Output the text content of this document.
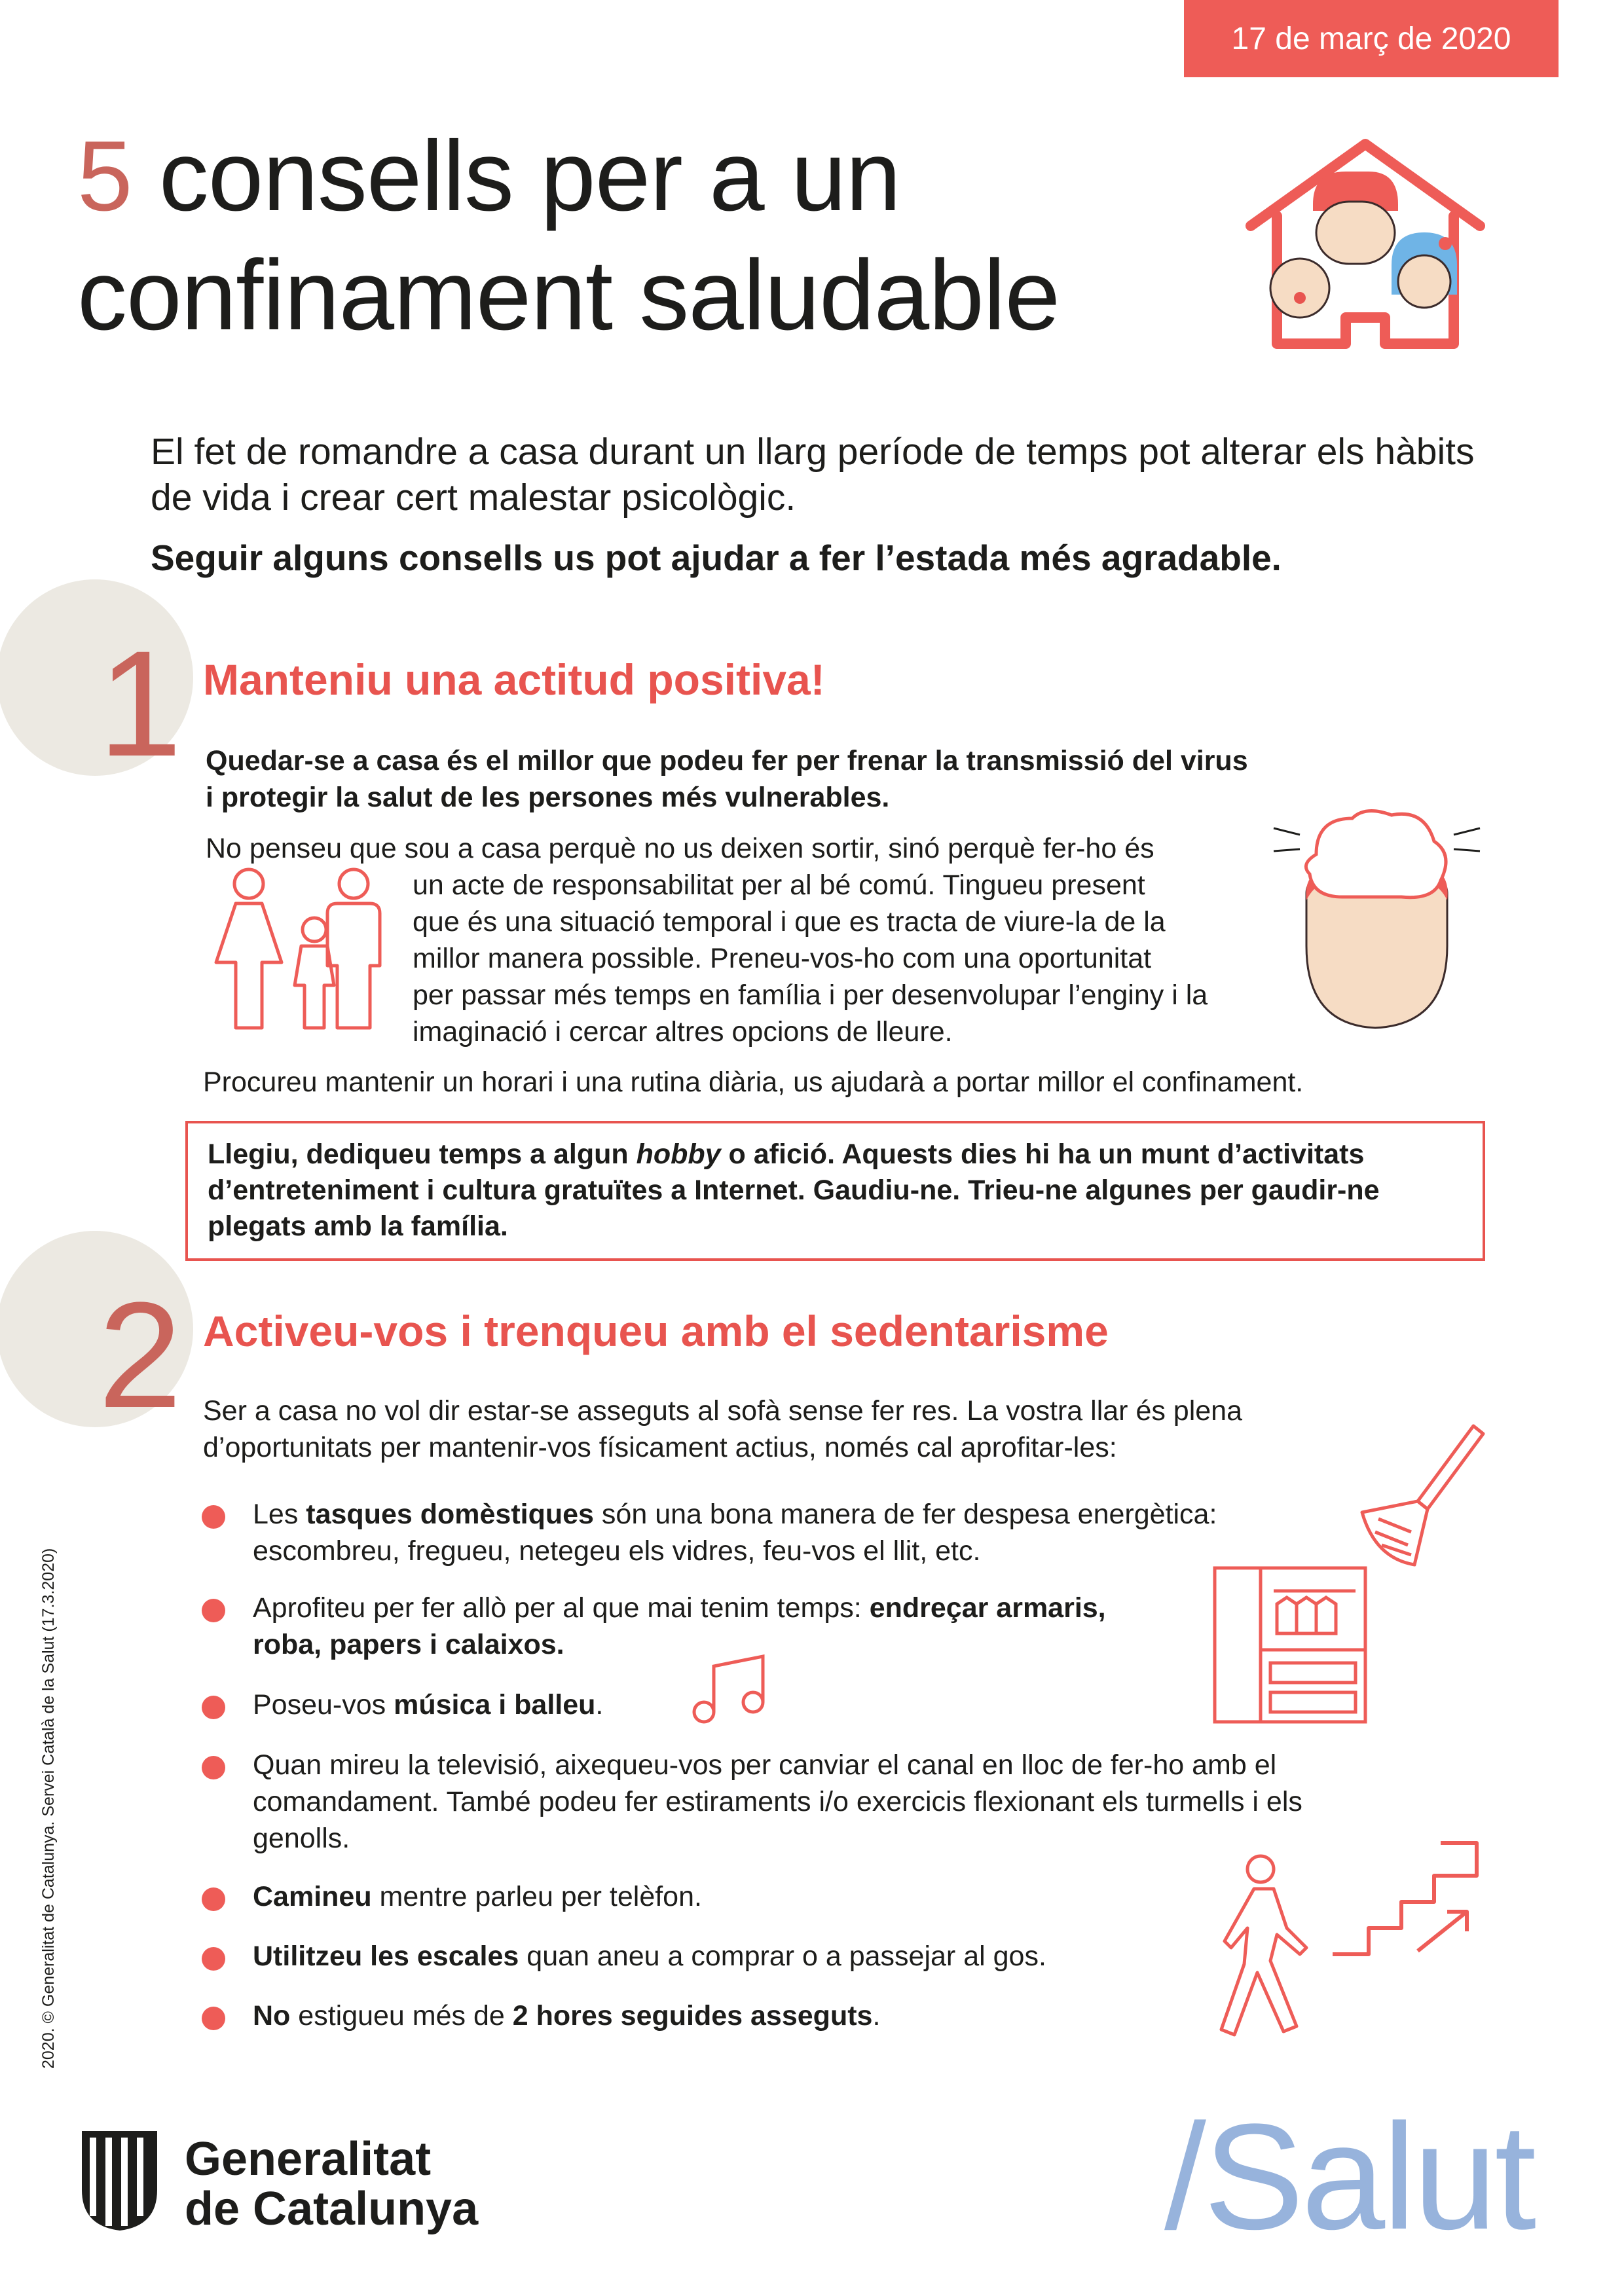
17 de març de 2020
5 consells per a un
confinament saludable
El fet de romandre a casa durant un llarg període de temps pot alterar els hàbits de vida i crear cert malestar psicològic.
Seguir alguns consells us pot ajudar a fer l’estada més agradable.
1 Manteniu una actitud positiva!
Quedar-se a casa és el millor que podeu fer per frenar la transmissió del virus
i protegir la salut de les persones més vulnerables.
No penseu que sou a casa perquè no us deixen sortir, sinó perquè fer-ho és
un acte de responsabilitat per al bé comú. Tingueu present
que és una situació temporal i que es tracta de viure-la de la
millor manera possible. Preneu-vos-ho com una oportunitat
per passar més temps en família i per desenvolupar l’enginy i la
imaginació i cercar altres opcions de lleure.
Procureu mantenir un horari i una rutina diària, us ajudarà a portar millor el confinament.
Llegiu, dediqueu temps a algun hobby o afició. Aquests dies hi ha un munt d’activitats d’entreteniment i cultura gratuïtes a Internet. Gaudiu-ne. Trieu-ne algunes per gaudir-ne plegats amb la família.
2 Activeu-vos i trenqueu amb el sedentarisme
Ser a casa no vol dir estar-se asseguts al sofà sense fer res. La vostra llar és plena
d’oportunitats per mantenir-vos físicament actius, només cal aprofitar-les:
Les tasques domèstiques són una bona manera de fer despesa energètica:
escombreu, fregueu, netegeu els vidres, feu-vos el llit, etc.
Aprofiteu per fer allò per al que mai tenim temps: endreçar armaris,
roba, papers i calaixos.
Poseu-vos música i balleu.
Quan mireu la televisió, aixequeu-vos per canviar el canal en lloc de fer-ho amb el
comandament. També podeu fer estiraments i/o exercicis flexionant els turmells i els
genolls.
Camineu mentre parleu per telèfon.
Utilitzeu les escales quan aneu a comprar o a passejar al gos.
No estigueu més de 2 hores seguides asseguts.
2020. © Generalitat de Catalunya. Servei Català de la Salut (17.3.2020)
Generalitat
de Catalunya	/Salut
